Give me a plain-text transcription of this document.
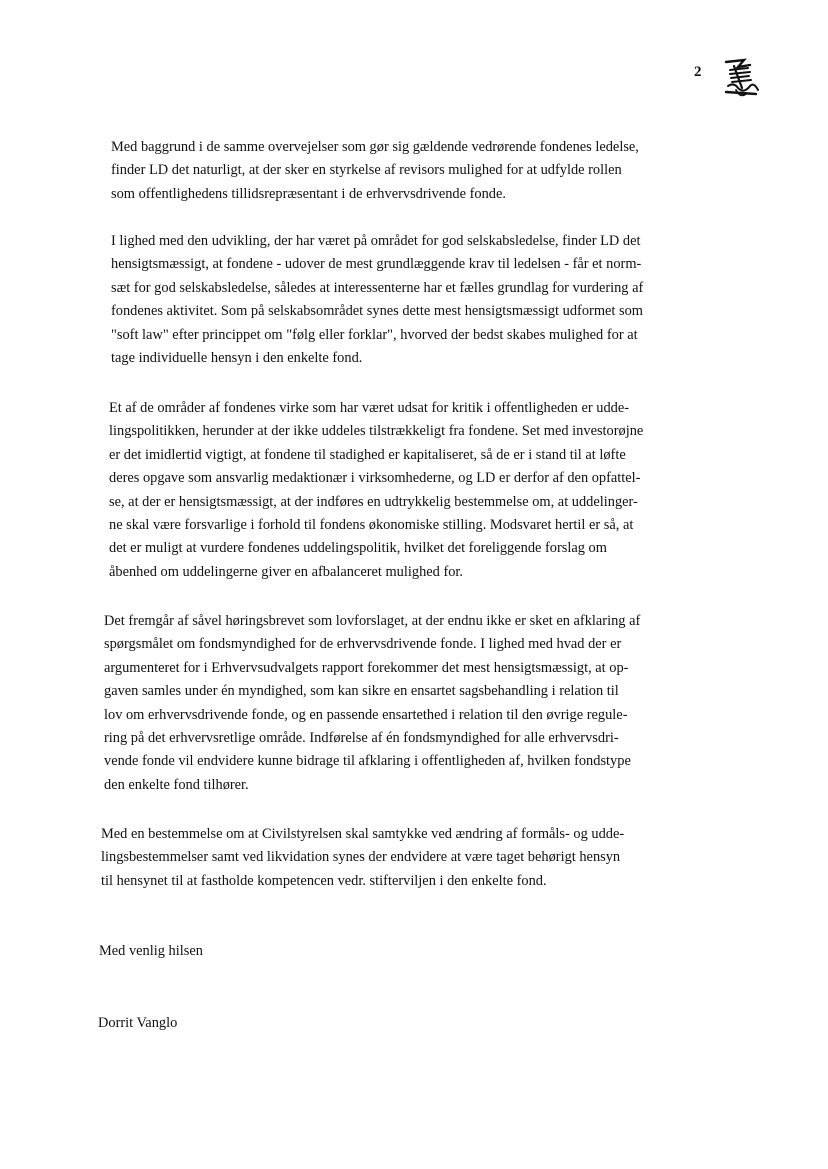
2
Med baggrund i de samme overvejelser som gør sig gældende vedrørende fondenes ledelse,
finder LD det naturligt, at der sker en styrkelse af revisors mulighed for at udfylde rollen
som offentlighedens tillidsrepræsentant i de erhvervsdrivende fonde.
I lighed med den udvikling, der har været på området for god selskabsledelse, finder LD det
hensigtsmæssigt, at fondene - udover de mest grundlæggende krav til ledelsen - får et norm-
sæt for god selskabsledelse, således at interessenterne har et fælles grundlag for vurdering af
fondenes aktivitet. Som på selskabsområdet synes dette mest hensigtsmæssigt udformet som
"soft law" efter princippet om "følg eller forklar", hvorved der bedst skabes mulighed for at
tage individuelle hensyn i den enkelte fond.
Et af de områder af fondenes virke som har været udsat for kritik i offentligheden er udde-
lingspolitikken, herunder at der ikke uddeles tilstrækkeligt fra fondene. Set med investorøjne
er det imidlertid vigtigt, at fondene til stadighed er kapitaliseret, så de er i stand til at løfte
deres opgave som ansvarlig medaktionær i virksomhederne, og LD er derfor af den opfattel-
se, at der er hensigtsmæssigt, at der indføres en udtrykkelig bestemmelse om, at uddelinger-
ne skal være forsvarlige i forhold til fondens økonomiske stilling. Modsvaret hertil er så, at
det er muligt at vurdere fondenes uddelingspolitik, hvilket det foreliggende forslag om
åbenhed om uddelingerne giver en afbalanceret mulighed for.
Det fremgår af såvel høringsbrevet som lovforslaget, at der endnu ikke er sket en afklaring af
spørgsmålet om fondsmyndighed for de erhvervsdrivende fonde. I lighed med hvad der er
argumenteret for i Erhvervsudvalgets rapport forekommer det mest hensigtsmæssigt, at op-
gaven samles under én myndighed, som kan sikre en ensartet sagsbehandling i relation til
lov om erhvervsdrivende fonde, og en passende ensartethed i relation til den øvrige regule-
ring på det erhvervsretlige område. Indførelse af én fondsmyndighed for alle erhvervsdri-
vende fonde vil endvidere kunne bidrage til afklaring i offentligheden af, hvilken fondstype
den enkelte fond tilhører.
Med en bestemmelse om at Civilstyrelsen skal samtykke ved ændring af formåls- og udde-
lingsbestemmelser samt ved likvidation synes der endvidere at være taget behørigt hensyn
til hensynet til at fastholde kompetencen vedr. stifterviljen i den enkelte fond.
Med venlig hilsen
Dorrit Vanglo
